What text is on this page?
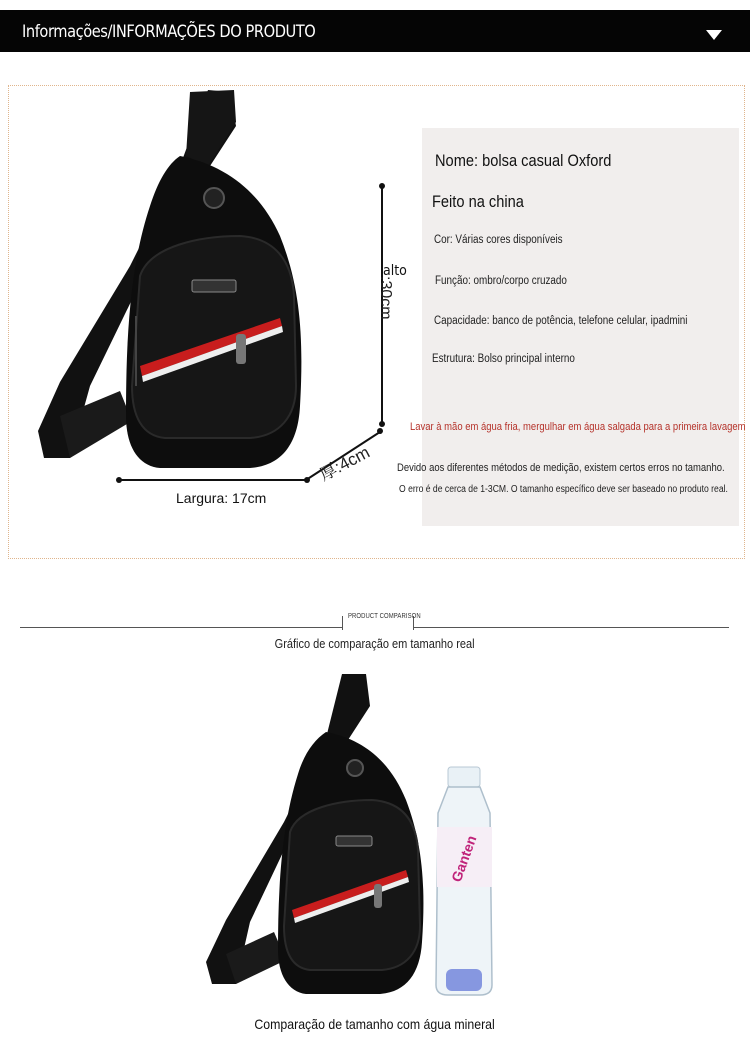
Informações/INFORMAÇÕES DO PRODUTO
alto
:30cm
Largura: 17cm
厚:4cm
Nome: bolsa casual Oxford
Feito na china
Cor: Várias cores disponíveis
Função: ombro/corpo cruzado
Capacidade: banco de potência, telefone celular, ipadmini
Estrutura: Bolso principal interno
Lavar à mão em água fria, mergulhar em água salgada para a primeira lavagem
Devido aos diferentes métodos de medição, existem certos erros no tamanho.
O erro é de cerca de 1-3CM. O tamanho específico deve ser baseado no produto real.
PRODUCT COMPARISON
Gráfico de comparação em tamanho real
Ganten
Comparação de tamanho com água mineral
